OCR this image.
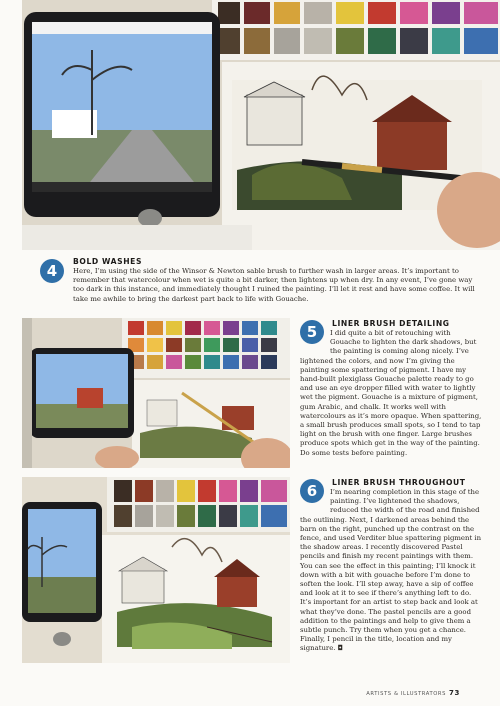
4
BOLD WASHES
Here, I’m using the side of the Winsor & Newton sable brush to further wash in larger areas. It’s important to remember that watercolour when wet is quite a bit darker, then lightens up when dry. In any event, I’ve gone way too dark in this instance, and immediately thought I ruined the painting. I’ll let it rest and have some coffee. It will take me awhile to bring the darkest part back to life with Gouache.
5	LINER BRUSH DETAILING
I did quite a bit of retouching with Gouache to lighten the dark shadows, but the painting is coming along nicely. I’ve lightened the colors, and now I’m giving the painting some spattering of pigment. I have my hand-built plexiglass Gouache palette ready to go and use an eye dropper filled with water to lightly wet the pigment. Gouache is a mixture of pigment, gum Arabic, and chalk. It works well with watercolours as it’s more opaque. When spattering, a small brush produces small spots, so I tend to tap light on the brush with one finger. Large brushes produce spots which get in the way of the painting. Do some tests before painting.
6	LINER BRUSH THROUGHOUT
I’m nearing completion in this stage of the painting. I’ve lightened the shadows, reduced the width of the road and finished the outlining. Next, I darkened areas behind the barn on the right, punched up the contrast on the fence, and used Verditer blue spattering pigment in the shadow areas. I recently discovered Pastel pencils and finish my recent paintings with them. You can see the effect in this painting; I’ll knock it down with a bit with gouache before I’m done to soften the look. I’ll step away, have a sip of coffee and look at it to see if there’s anything left to do. It’s important for an artist to step back and look at what they’ve done. The pastel pencils are a good addition to the paintings and help to give them a subtle punch. Try them when you get a chance. Finally, I pencil in the title, location and my signature. ◘
ARTISTS & ILLUSTRATORS 73
